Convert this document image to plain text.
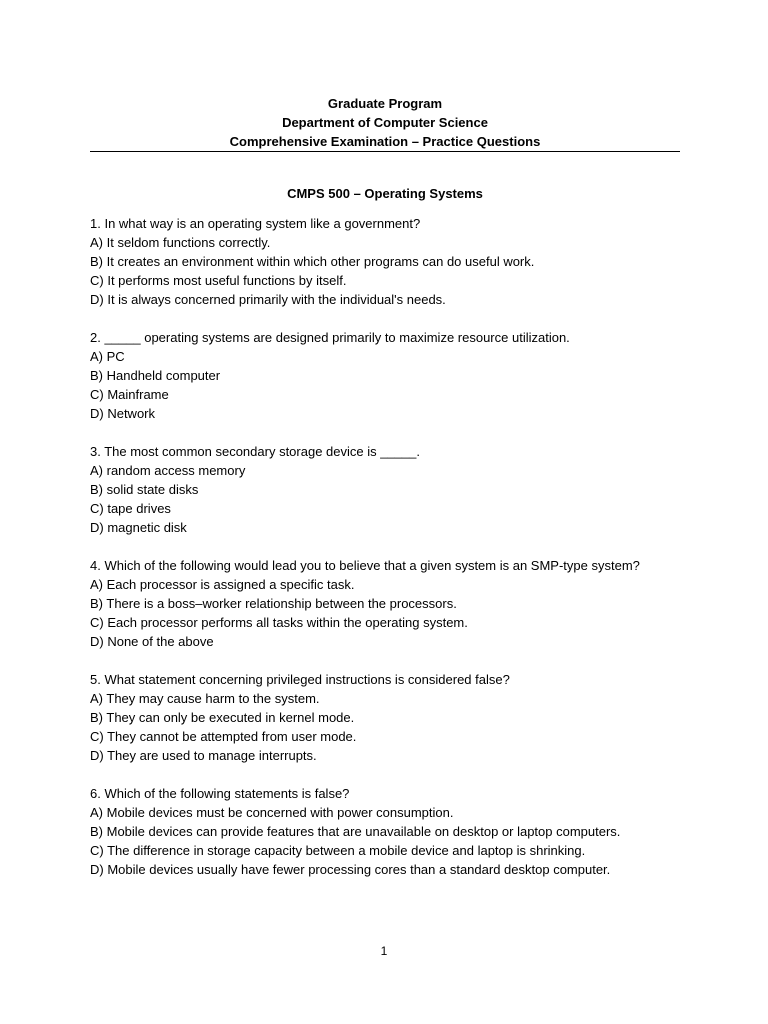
Graduate Program
Department of Computer Science
Comprehensive Examination – Practice Questions
CMPS 500 – Operating Systems

1. In what way is an operating system like a government?

A) It seldom functions correctly.

B) It creates an environment within which other programs can do useful work.

C) It performs most useful functions by itself.

D) It is always concerned primarily with the individual's needs.

2. _____ operating systems are designed primarily to maximize resource utilization.

A) PC

B) Handheld computer

C) Mainframe

D) Network

3. The most common secondary storage device is _____.

A) random access memory

B) solid state disks

C) tape drives

D) magnetic disk

4. Which of the following would lead you to believe that a given system is an SMP-type system?

A) Each processor is assigned a specific task.

B) There is a boss–worker relationship between the processors.

C) Each processor performs all tasks within the operating system.

D) None of the above

5. What statement concerning privileged instructions is considered false?

A) They may cause harm to the system.

B) They can only be executed in kernel mode.

C) They cannot be attempted from user mode.

D) They are used to manage interrupts.

6. Which of the following statements is false?

A) Mobile devices must be concerned with power consumption.

B) Mobile devices can provide features that are unavailable on desktop or laptop computers.

C) The difference in storage capacity between a mobile device and laptop is shrinking.

D) Mobile devices usually have fewer processing cores than a standard desktop computer.

1
